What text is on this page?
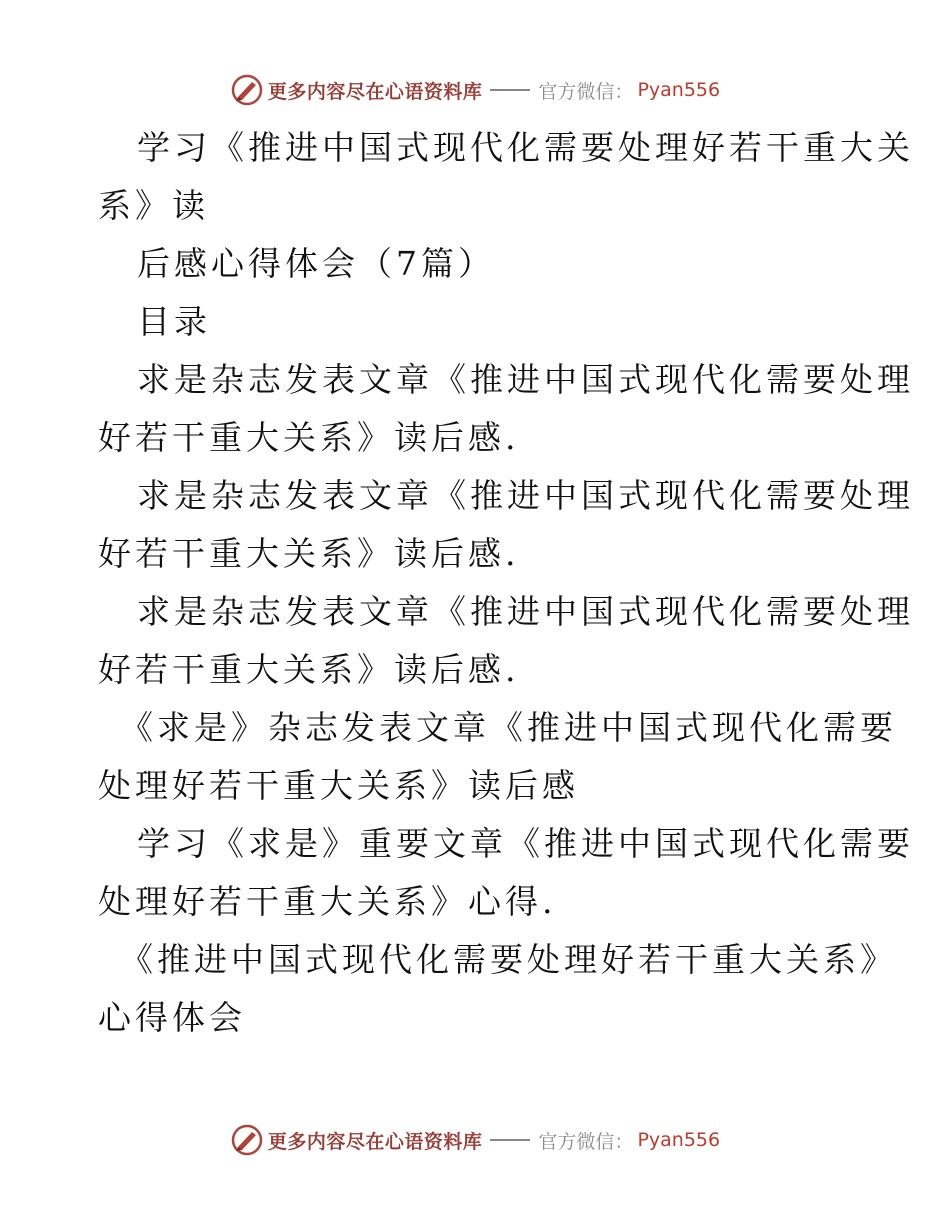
更多内容尽在心语资料库	官方微信： Pyan556
学习《推进中国式现代化需要处理好若干重大关
系》读
后感心得体会（7篇）
目录
求是杂志发表文章《推进中国式现代化需要处理
好若干重大关系》读后感.
求是杂志发表文章《推进中国式现代化需要处理
好若干重大关系》读后感.
求是杂志发表文章《推进中国式现代化需要处理
好若干重大关系》读后感.
《求是》杂志发表文章《推进中国式现代化需要
处理好若干重大关系》读后感
学习《求是》重要文章《推进中国式现代化需要
处理好若干重大关系》心得.
《推进中国式现代化需要处理好若干重大关系》
心得体会
更多内容尽在心语资料库	官方微信： Pyan556
